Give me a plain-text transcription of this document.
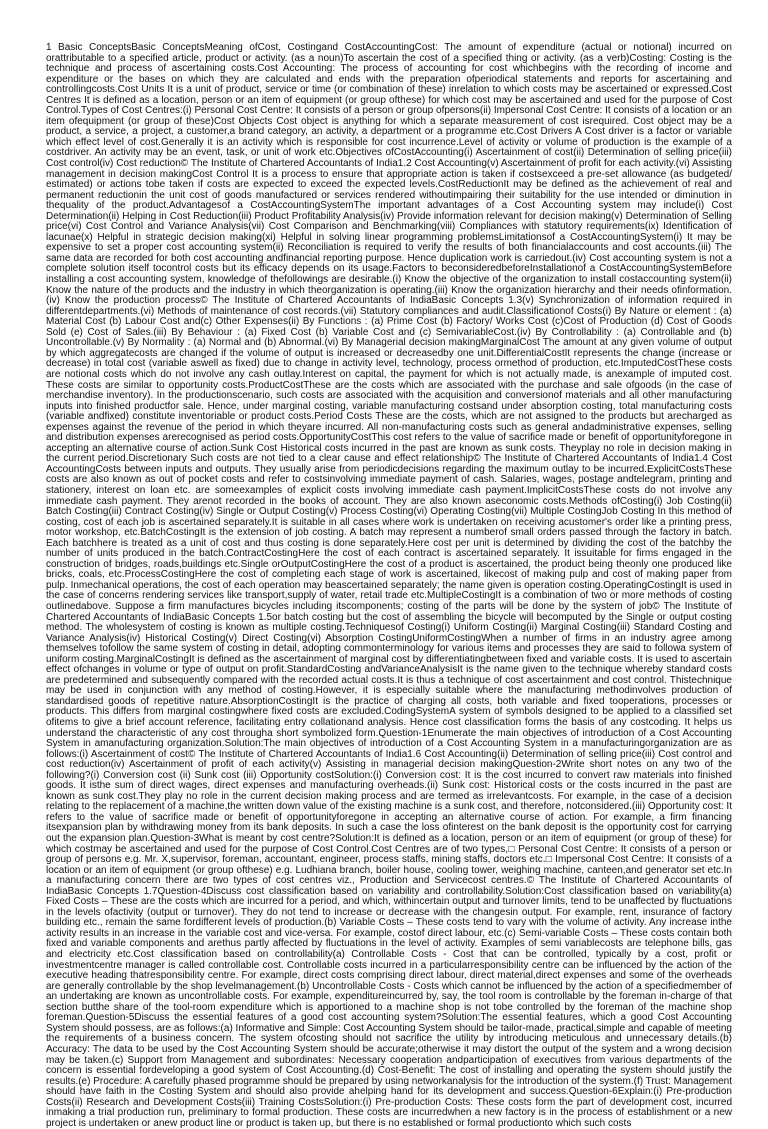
1 Basic ConceptsBasic ConceptsMeaning ofCost, Costingand CostAccountingCost: The amount of expenditure (actual or notional) incurred on orattributable to a specified article, product or activity. (as a noun)To ascertain the cost of a specified thing or activity. (as a verb)Costing: Costing is the technique and process of ascertaining costs.Cost Accounting: The process of accounting for cost whichbegins with the recording of income and expenditure or the bases on which they are calculated and ends with the preparation ofperiodical statements and reports for ascertaining and controllingcosts.Cost Units It is a unit of product, service or time (or combination of these) inrelation to which costs may be ascertained or expressed.Cost Centres It is defined as a location, person or an item of equipment (or group ofthese) for which cost may be ascertained and used for the purpose of Cost Control.Types of Cost Centres:(i) Personal Cost Centre: It consists of a person or group ofpersons(ii) Impersonal Cost Centre: It consists of a location or an item ofequipment (or group of these)Cost Objects Cost object is anything for which a separate measurement of cost isrequired. Cost object may be a product, a service, a project, a customer,a brand category, an activity, a department or a programme etc.Cost Drivers A Cost driver is a factor or variable which effect level of cost.Generally it is an activity which is responsible for cost incurrence.Level of activity or volume of production is the example of a costdriver. An activity may be an event, task, or unit of work etc.Objectives ofCostAccounting(i) Ascertainment of cost(ii) Determination of selling price(iii) Cost control(iv) Cost reduction© The Institute of Chartered Accountants of India1.2 Cost Accounting(v) Ascertainment of profit for each activity.(vi) Assisting management in decision makingCost Control It is a process to ensure that appropriate action is taken if costsexceed a pre-set allowance (as budgeted/ estimated) or actions tobe taken if costs are expected to exceed the expected levels.CostReductionIt may be defined as the achievement of real and permanent reductionin the unit cost of goods manufactured or services rendered withoutimpairing their suitability for the use intended or diminution in thequality of the product.Advantagesof a CostAccountingSystemThe important advantages of a Cost Accounting system may include(i) Cost Determination(ii) Helping in Cost Reduction(iii) Product Profitability Analysis(iv) Provide information relevant for decision making(v) Determination of Selling price(vi) Cost Control and Variance Analysis(vii) Cost Comparison and Benchmarking(viii) Compliances with statutory requirements(ix) Identification of lacunae(x) Helpful in strategic decision making(xi) Helpful in solving linear programming problemsLimitationsof a CostAccountingSystem(i) It may be expensive to set a proper cost accounting system(ii) Reconciliation is required to verify the results of both financialaccounts and cost accounts.(iii) The same data are recorded for both cost accounting andfinancial reporting purpose. Hence duplication work is carriedout.(iv) Cost accounting system is not a complete solution itself tocontrol costs but its efficacy depends on its usage.Factors to beconsideredbeforeInstallationof a CostAccountingSystemBefore installing a cost accounting system, knowledge of thefollowings are desirable.(i) Know the objective of the organization to install costaccounting system(ii) Know the nature of the products and the industry in which theorganization is operating.(iii) Know the organization hierarchy and their needs ofinformation.(iv) Know the production process© The Institute of Chartered Accountants of IndiaBasic Concepts 1.3(v) Synchronization of information required in differentdepartments.(vi) Methods of maintenance of cost records.(vii) Statutory compliances and audit.Classificationof Costs(i) By Nature or element : (a) Material Cost (b) Labour Cost and(c) Other Expenses(ii) By Functions : (a) Prime Cost (b) Factory/ Works Cost (c)Cost of Production (d) Cost of Goods Sold (e) Cost of Sales.(iii) By Behaviour : (a) Fixed Cost (b) Variable Cost and (c) SemivariableCost.(iv) By Controllability : (a) Controllable and (b) Uncontrollable.(v) By Normality : (a) Normal and (b) Abnormal.(vi) By Managerial decision makingMarginalCost The amount at any given volume of output by which aggregatecosts are changed if the volume of output is increased or decreasedby one unit.DifferentialCostIt represents the change (increase or decrease) in total cost (variable aswell as fixed) due to change in activity level, technology, process ormethod of production, etc.ImputedCostThese costs are notional costs which do not involve any cash outlay.Interest on capital, the payment for which is not actually made, is anexample of imputed cost. These costs are similar to opportunity costs.ProductCostThese are the costs which are associated with the purchase and sale ofgoods (in the case of merchandise inventory). In the productionscenario, such costs are associated with the acquisition and conversionof materials and all other manufacturing inputs into finished productfor sale. Hence, under marginal costing, variable manufacturing costsand under absorption costing, total manufacturing costs (variable andfixed) constitute inventoriable or product costs.Period Costs These are the costs, which are not assigned to the products but arecharged as expenses against the revenue of the period in which theyare incurred. All non-manufacturing costs such as general andadministrative expenses, selling and distribution expenses arerecognised as period costs.OpportunityCostThis cost refers to the value of sacrifice made or benefit of opportunityforegone in accepting an alternative course of action.Sunk Cost Historical costs incurred in the past are known as sunk costs. Theyplay no role in decision making in the current period.Discretionary Such costs are not tied to a clear cause and effect relationship© The Institute of Chartered Accountants of India1.4 Cost AccountingCosts between inputs and outputs. They usually arise from periodicdecisions regarding the maximum outlay to be incurred.ExplicitCostsThese costs are also known as out of pocket costs and refer to costsinvolving immediate payment of cash. Salaries, wages, postage andtelegram, printing and stationery, interest on loan etc. are someexamples of explicit costs involving immediate cash payment.ImplicitCostsThese costs do not involve any immediate cash payment. They arenot recorded in the books of account. They are also known aseconomic costs.Methods ofCosting(i) Job Costing(ii) Batch Costing(iii) Contract Costing(iv) Single or Output Costing(v) Process Costing(vi) Operating Costing(vii) Multiple CostingJob Costing In this method of costing, cost of each job is ascertained separately.It is suitable in all cases where work is undertaken on receiving acustomer's order like a printing press, motor workshop, etc.BatchCostingIt is the extension of job costing. A batch may represent a numberof small orders passed through the factory in batch. Each batchhere is treated as a unit of cost and thus costing is done separately.Here cost per unit is determined by dividing the cost of the batchby the number of units produced in the batch.ContractCostingHere the cost of each contract is ascertained separately. It issuitable for firms engaged in the construction of bridges, roads,buildings etc.Single orOutputCostingHere the cost of a product is ascertained, the product being theonly one produced like bricks, coals, etc.ProcessCostingHere the cost of completing each stage of work is ascertained, likecost of making pulp and cost of making paper from pulp. Inmechanical operations, the cost of each operation may beascertained separately; the name given is operation costing.OperatingCostingIt is used in the case of concerns rendering services like transport,supply of water, retail trade etc.MultipleCostingIt is a combination of two or more methods of costing outlinedabove. Suppose a firm manufactures bicycles including itscomponents; costing of the parts will be done by the system of job© The Institute of Chartered Accountants of IndiaBasic Concepts 1.5or batch costing but the cost of assembling the bicycle will becomputed by the Single or output costing method. The wholesystem of costing is known as multiple costing.Techniquesof Costing(i) Uniform Costing(ii) Marginal Costing(iii) Standard Costing and Variance Analysis(iv) Historical Costing(v) Direct Costing(vi) Absorption CostingUniformCostingWhen a number of firms in an industry agree among themselves tofollow the same system of costing in detail, adopting commonterminology for various items and processes they are said to followa system of uniform costing.MarginalCostingIt is defined as the ascertainment of marginal cost by differentiatingbetween fixed and variable costs. It is used to ascertain effect ofchanges in volume or type of output on profit.StandardCosting andVarianceAnalysisIt is the name given to the technique whereby standard costs are predetermined and subsequently compared with the recorded actual costs.It is thus a technique of cost ascertainment and cost control. Thistechnique may be used in conjunction with any method of costing.However, it is especially suitable where the manufacturing methodinvolves production of standardised goods of repetitive nature.AbsorptionCostingIt is the practice of charging all costs, both variable and fixed tooperations, processes or products. This differs from marginal costingwhere fixed costs are excluded.CodingSystemA system of symbols designed to be applied to a classified set ofitems to give a brief account reference, facilitating entry collationand analysis. Hence cost classification forms the basis of any costcoding. It helps us understand the characteristic of any cost througha short symbolized form.Question-1Enumerate the main objectives of introduction of a Cost Accounting System in amanufacturing organization.Solution:The main objectives of introduction of a Cost Accounting System in a manufacturingorganization are as follows:(i) Ascertainment of cost© The Institute of Chartered Accountants of India1.6 Cost Accounting(ii) Determination of selling price(iii) Cost control and cost reduction(iv) Ascertainment of profit of each activity(v) Assisting in managerial decision makingQuestion-2Write short notes on any two of the following?(i) Conversion cost (ii) Sunk cost (iii) Opportunity costSolution:(i) Conversion cost: It is the cost incurred to convert raw materials into finished goods. It isthe sum of direct wages, direct expenses and manufacturing overheads.(ii) Sunk cost: Historical costs or the costs incurred in the past are known as sunk cost.They play no role in the current decision making process and are termed as irrelevantcosts. For example, in the case of a decision relating to the replacement of a machine,the written down value of the existing machine is a sunk cost, and therefore, notconsidered.(iii) Opportunity cost: It refers to the value of sacrifice made or benefit of opportunityforegone in accepting an alternative course of action. For example, a firm financing itsexpansion plan by withdrawing money from its bank deposits. In such a case the loss ofinterest on the bank deposit is the opportunity cost for carrying out the expansion plan.Question-3What is meant by cost centre?Solution:It is defined as a location, person or an item of equipment (or group of these) for which costmay be ascertained and used for the purpose of Cost Control.Cost Centres are of two types,□ Personal Cost Centre: It consists of a person or group of persons e.g. Mr. X,supervisor, foreman, accountant, engineer, process staffs, mining staffs, doctors etc.□ Impersonal Cost Centre: It consists of a location or an item of equipment (or group ofthese) e.g. Ludhiana branch, boiler house, cooling tower, weighing machine, canteen,and generator set etc.In a manufacturing concern there are two types of cost centres viz., Production and Servicecost centres.© The Institute of Chartered Accountants of IndiaBasic Concepts 1.7Question-4Discuss cost classification based on variability and controllability.Solution:Cost classification based on variability(a) Fixed Costs – These are the costs which are incurred for a period, and which, withincertain output and turnover limits, tend to be unaffected by fluctuations in the levels ofactivity (output or turnover). They do not tend to increase or decrease with the changesin output. For example, rent, insurance of factory building etc., remain the same fordifferent levels of production.(b) Variable Costs – These costs tend to vary with the volume of activity. Any increase inthe activity results in an increase in the variable cost and vice-versa. For example, costof direct labour, etc.(c) Semi-variable Costs – These costs contain both fixed and variable components and arethus partly affected by fluctuations in the level of activity. Examples of semi variablecosts are telephone bills, gas and electricity etc.Cost classification based on controllability(a) Controllable Costs - Cost that can be controlled, typically by a cost, profit or investmentcentre manager is called controllable cost. Controllable costs incurred in a particularresponsibility centre can be influenced by the action of the executive heading thatresponsibility centre. For example, direct costs comprising direct labour, direct material,direct expenses and some of the overheads are generally controllable by the shop levelmanagement.(b) Uncontrollable Costs - Costs which cannot be influenced by the action of a specifiedmember of an undertaking are known as uncontrollable costs. For example, expenditureincurred by, say, the tool room is controllable by the foreman in-charge of that section butthe share of the tool-room expenditure which is apportioned to a machine shop is not tobe controlled by the foreman of the machine shop foreman.Question-5Discuss the essential features of a good cost accounting system?Solution:The essential features, which a good Cost Accounting System should possess, are as follows:(a) Informative and Simple: Cost Accounting System should be tailor-made, practical,simple and capable of meeting the requirements of a business concern. The system ofcosting should not sacrifice the utility by introducing meticulous and unnecessary details.(b) Accuracy: The data to be used by the Cost Accounting System should be accurate;otherwise it may distort the output of the system and a wrong decision may be taken.(c) Support from Management and subordinates: Necessary cooperation andparticipation of executives from various departments of the concern is essential fordeveloping a good system of Cost Accounting.(d) Cost-Benefit: The cost of installing and operating the system should justify the results.(e) Procedure: A carefully phased programme should be prepared by using networkanalysis for the introduction of the system.(f) Trust: Management should have faith in the Costing System and should also provide ahelping hand for its development and success.Question-6Explain:(i) Pre-production Costs(ii) Research and Development Costs(iii) Training CostsSolution:(i) Pre-production Costs: These costs form the part of development cost, incurred inmaking a trial production run, preliminary to formal production. These costs are incurredwhen a new factory is in the process of establishment or a new project is undertaken or anew product line or product is taken up, but there is no established or formal productionto which such costs
